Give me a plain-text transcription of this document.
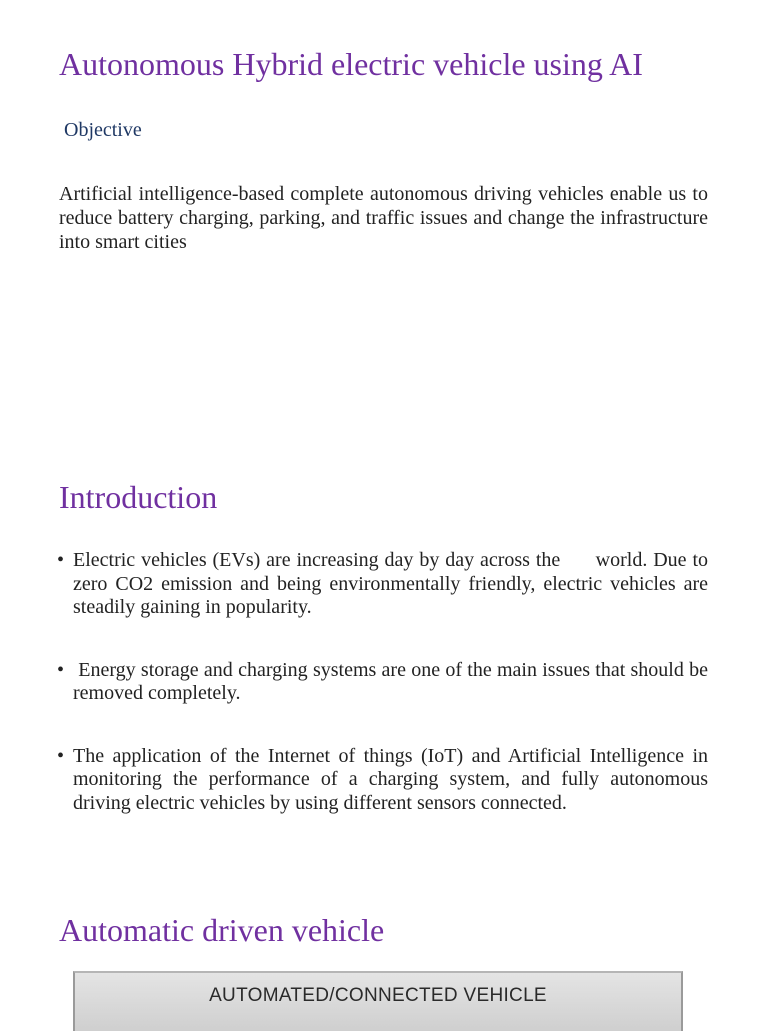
Autonomous Hybrid electric vehicle using AI
Objective

Artificial intelligence-based complete autonomous driving vehicles enable us to reduce battery charging, parking, and traffic issues and change the infrastructure into smart cities

Introduction
• Electric vehicles (EVs) are increasing day by day across the      world. Due to zero CO2 emission and being environmentally friendly, electric vehicles are steadily gaining in popularity.
• Energy storage and charging systems are one of the main issues that should be removed completely.
• The application of the Internet of things (IoT) and Artificial Intelligence in monitoring the performance of a charging system, and fully autonomous driving electric vehicles by using different sensors connected.
Automatic driven vehicle
AUTOMATED/CONNECTED VEHICLE
